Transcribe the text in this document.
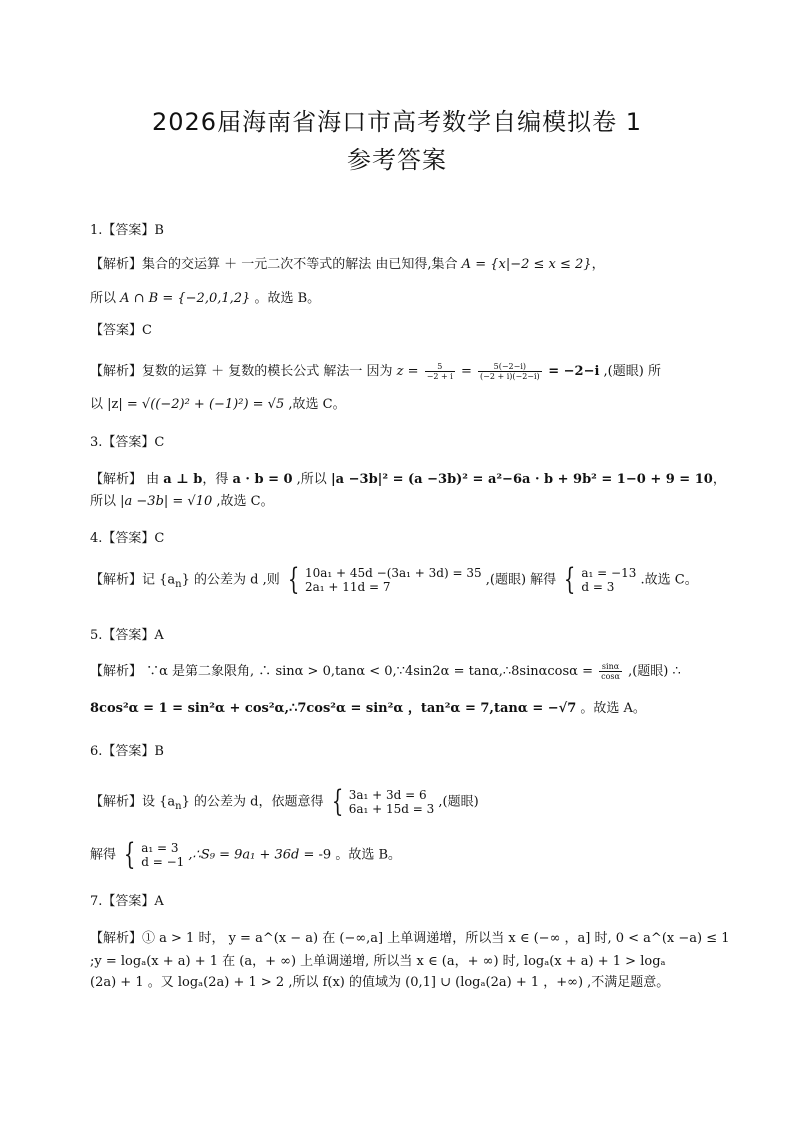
2026届海南省海口市高考数学自编模拟卷 1
参考答案
1.【答案】B
【解析】集合的交运算 ＋ 一元二次不等式的解法 由已知得,集合 A = {x|−2 ≤ x ≤ 2}，
所以 A ∩ B = {−2,0,1,2} 。故选 B。
【答案】C
【解析】复数的运算 ＋ 复数的模长公式 解法一 因为 $z = \frac{5}{-2 + i} = \frac{5(-2-i)}{(-2 + i)(-2-i)} = -2-i$ ,(题眼) 所
以 |z| = √((−2)² + (−1)²) = √5 ,故选 C。
3.【答案】C
【解析】 由 a ⊥ b，得 a · b = 0 ,所以 |a −3b|² = (a −3b)² = a²−6a · b + 9b² = 1−0 + 9 = 10，
所以 |a −3b| = √10 ,故选 C。
4.【答案】C
【解析】记 $\{a_n\}$ 的公差为 d ,则 { 10a₁ + 45d −(3a₁ + 3d) = 35
2a₁ + 11d = 7	,(题眼) 解得 { a₁ = −13
d = 3	.故选 C。
5.【答案】A
【解析】 ∵α 是第二象限角, ∴ sinα > 0,tanα < 0,∵4sin2α = tanα,∴8sinαcosα = $\frac{\sin\alpha}{\cos\alpha}$ ,(题眼) ∴
8cos²α = 1 = sin²α + cos²α,∴7cos²α = sin²α ，tan²α = 7,tanα = −√7 。故选 A。
6.【答案】B
【解析】设 $\{a_n\}$ 的公差为 d，依题意得 { 3a₁ + 3d = 6
6a₁ + 15d = 3 ,(题眼)
解得 { a₁ = 3
d = −1 ,∴S₉ = 9a₁ + 36d = -9 。故选 B。
7.【答案】A
【解析】① a > 1 时， y = a^(x − a) 在 (−∞,a] 上单调递增，所以当 x ∈ (−∞ ，a] 时, 0 < a^(x −a) ≤ 1
;y = logₐ(x + a) + 1 在 (a，+ ∞) 上单调递增, 所以当 x ∈ (a，+ ∞) 时, logₐ(x + a) + 1 > logₐ
(2a) + 1 。又 logₐ(2a) + 1 > 2 ,所以 f(x) 的值域为 (0,1] ∪ (logₐ(2a) + 1 ，+∞) ,不满足题意。
